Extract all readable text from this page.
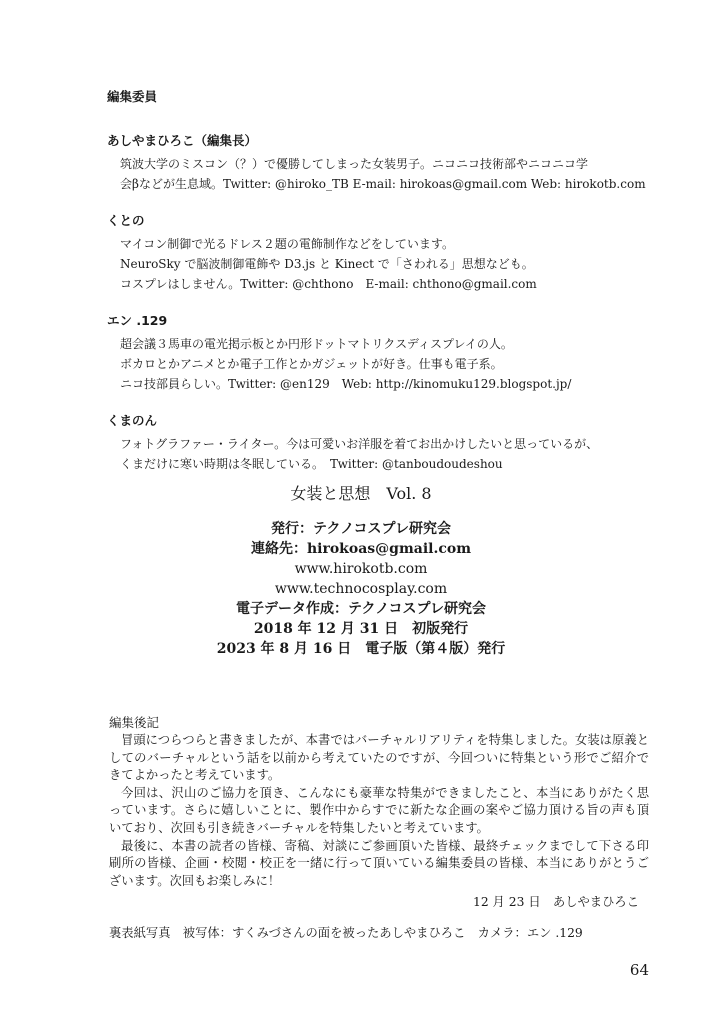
編集委員
あしやまひろこ（編集長）
筑波大学のミスコン（？）で優勝してしまった女装男子。ニコニコ技術部やニコニコ学
会βなどが生息域。Twitter: @hiroko_TB E-mail: hirokoas@gmail.com Web: hirokotb.com
くとの
マイコン制御で光るドレス２題の電飾制作などをしています。
NeuroSky で脳波制御電飾や D3.js と Kinect で「さわれる」思想なども。
コスプレはしません。Twitter: @chthono　E-mail: chthono@gmail.com
エン .129
超会議３馬車の電光掲示板とか円形ドットマトリクスディスプレイの人。
ボカロとかアニメとか電子工作とかガジェットが好き。仕事も電子系。
ニコ技部員らしい。Twitter: @en129　Web: http://kinomuku129.blogspot.jp/
くまのん
フォトグラファー・ライター。今は可愛いお洋服を着てお出かけしたいと思っているが、
くまだけに寒い時期は冬眠している。　Twitter: @tanboudoudeshou
女装と思想　Vol. 8
発行：テクノコスプレ研究会
連絡先：hirokoas@gmail.com
www.hirokotb.com
www.technocosplay.com
電子データ作成：テクノコスプレ研究会
2018 年 12 月 31 日　初版発行
2023 年 8 月 16 日　電子版（第４版）発行
編集後記

冒頭につらつらと書きましたが、本書ではバーチャルリアリティを特集しました。女装は原義としてのバーチャルという話を以前から考えていたのですが、今回ついに特集という形でご紹介できてよかったと考えています。

今回は、沢山のご協力を頂き、こんなにも豪華な特集ができましたこと、本当にありがたく思っています。さらに嬉しいことに、製作中からすでに新たな企画の案やご協力頂ける旨の声も頂いており、次回も引き続きバーチャルを特集したいと考えています。

最後に、本書の読者の皆様、寄稿、対談にご参画頂いた皆様、最終チェックまでして下さる印刷所の皆様、企画・校閲・校正を一緒に行って頂いている編集委員の皆様、本当にありがとうございます。次回もお楽しみに！

12 月 23 日　あしやまひろこ
裏表紙写真　被写体：すくみづさんの面を被ったあしやまひろこ　カメラ：エン .129
64
